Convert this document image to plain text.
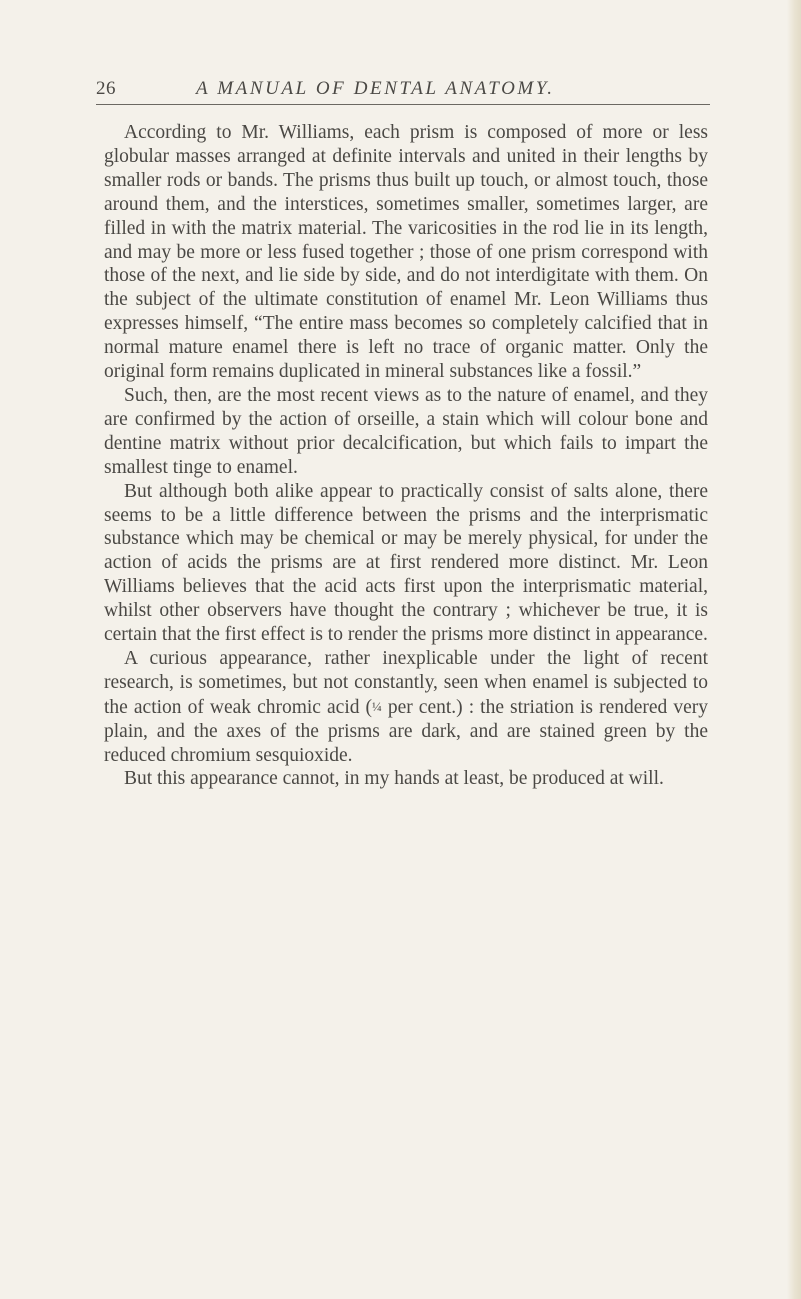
26	A MANUAL OF DENTAL ANATOMY.

According to Mr. Williams, each prism is composed of more or less globular masses arranged at definite intervals and united in their lengths by smaller rods or bands. The prisms thus built up touch, or almost touch, those around them, and the interstices, sometimes smaller, sometimes larger, are filled in with the matrix material. The varicosities in the rod lie in its length, and may be more or less fused together ; those of one prism correspond with those of the next, and lie side by side, and do not interdigitate with them. On the subject of the ultimate constitution of enamel Mr. Leon Williams thus expresses himself, “The entire mass becomes so completely calcified that in normal mature enamel there is left no trace of organic matter. Only the original form remains duplicated in mineral substances like a fossil.”

Such, then, are the most recent views as to the nature of enamel, and they are confirmed by the action of orseille, a stain which will colour bone and dentine matrix without prior decalcification, but which fails to impart the smallest tinge to enamel.

But although both alike appear to practically consist of salts alone, there seems to be a little difference between the prisms and the interprismatic substance which may be chemical or may be merely physical, for under the action of acids the prisms are at first rendered more distinct. Mr. Leon Williams believes that the acid acts first upon the interprismatic material, whilst other observers have thought the contrary ; whichever be true, it is certain that the first effect is to render the prisms more distinct in appearance.

A curious appearance, rather inexplicable under the light of recent research, is sometimes, but not constantly, seen when enamel is subjected to the action of weak chromic acid (¼ per cent.) : the striation is rendered very plain, and the axes of the prisms are dark, and are stained green by the reduced chromium sesquioxide.

But this appearance cannot, in my hands at least, be produced at will.
